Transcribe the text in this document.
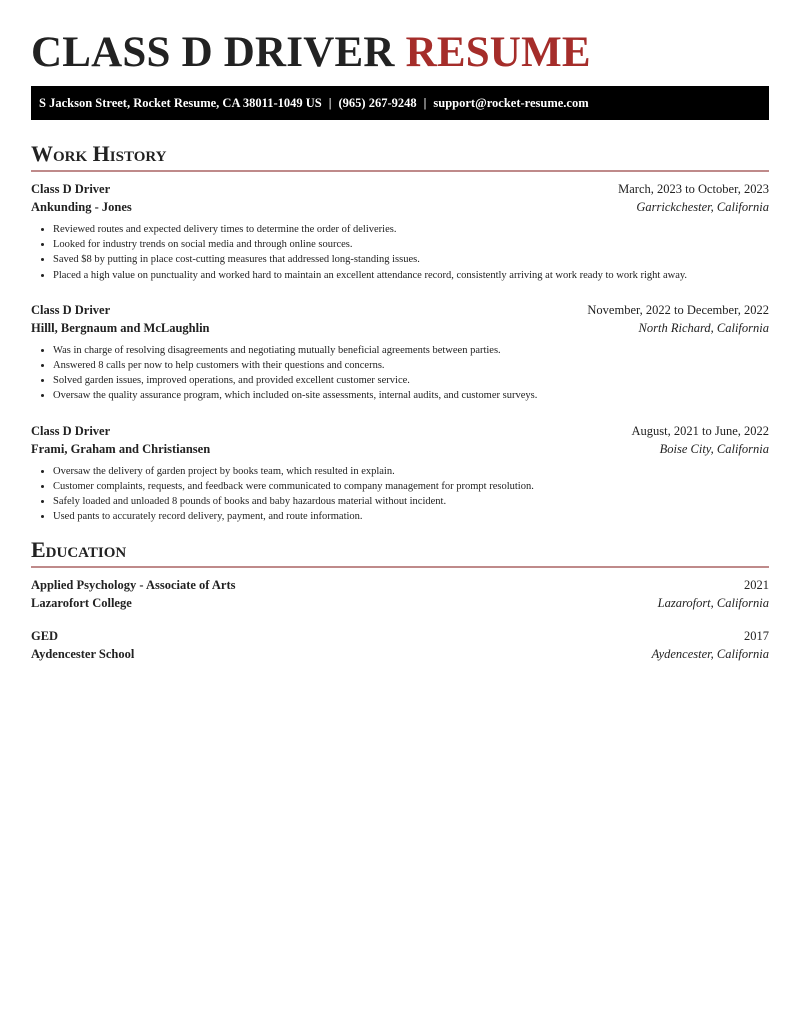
CLASS D DRIVER RESUME
S Jackson Street, Rocket Resume, CA 38011-1049 US | (965) 267-9248 | support@rocket-resume.com
Work History
Class D Driver	March, 2023 to October, 2023
Ankunding - Jones	Garrickchester, California
• Reviewed routes and expected delivery times to determine the order of deliveries.
• Looked for industry trends on social media and through online sources.
• Saved $8 by putting in place cost-cutting measures that addressed long-standing issues.
• Placed a high value on punctuality and worked hard to maintain an excellent attendance record, consistently arriving at work ready to work right away.
Class D Driver	November, 2022 to December, 2022
Hilll, Bergnaum and McLaughlin	North Richard, California
• Was in charge of resolving disagreements and negotiating mutually beneficial agreements between parties.
• Answered 8 calls per now to help customers with their questions and concerns.
• Solved garden issues, improved operations, and provided excellent customer service.
• Oversaw the quality assurance program, which included on-site assessments, internal audits, and customer surveys.
Class D Driver	August, 2021 to June, 2022
Frami, Graham and Christiansen	Boise City, California
• Oversaw the delivery of garden project by books team, which resulted in explain.
• Customer complaints, requests, and feedback were communicated to company management for prompt resolution.
• Safely loaded and unloaded 8 pounds of books and baby hazardous material without incident.
• Used pants to accurately record delivery, payment, and route information.
Education
Applied Psychology - Associate of Arts	2021
Lazarofort College	Lazarofort, California
GED	2017
Aydencester School	Aydencester, California
